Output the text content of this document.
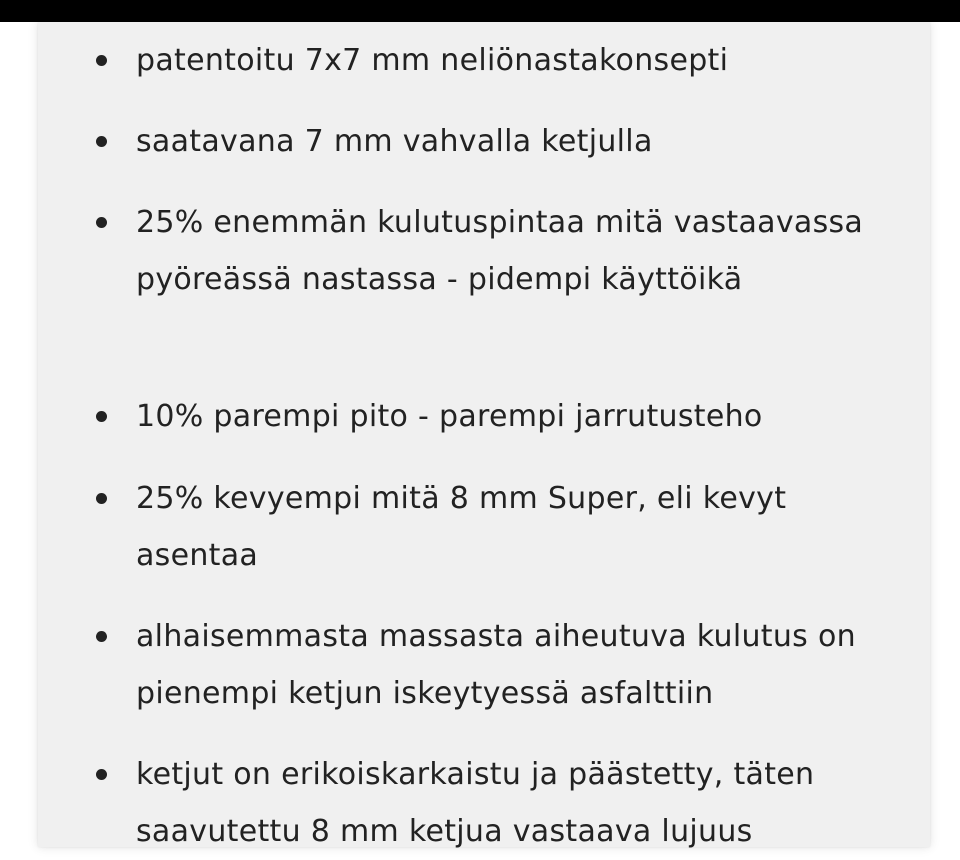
patentoitu 7x7 mm neliönastakonsepti
saatavana 7 mm vahvalla ketjulla
25% enemmän kulutuspintaa mitä vastaavassa pyöreässä nastassa - pidempi käyttöikä
10% parempi pito - parempi jarrutusteho
25% kevyempi mitä 8 mm Super, eli kevyt asentaa
alhaisemmasta massasta aiheutuva kulutus on pienempi ketjun iskeytyessä asfalttiin
ketjut on erikoiskarkaistu ja päästetty, täten saavutettu 8 mm ketjua vastaava lujuus
